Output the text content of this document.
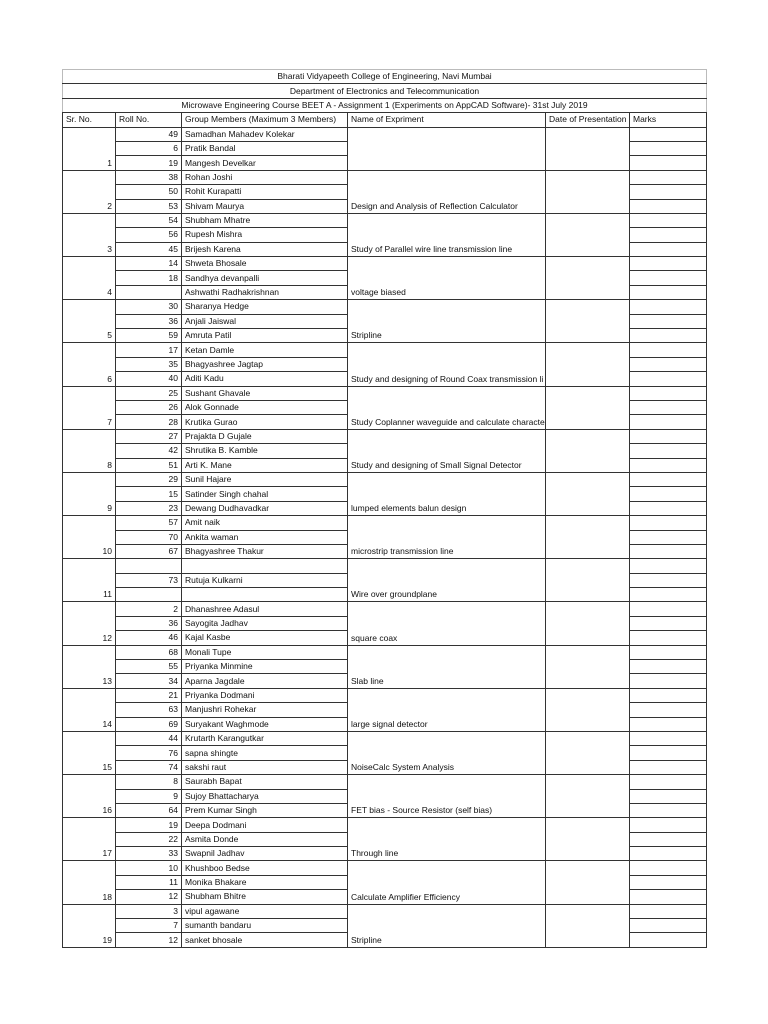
Bharati Vidyapeeth College of Engineering, Navi Mumbai					
Department of Electronics and Telecommunication					
Microwave Engineering Course BEET A - Assignment 1 (Experiments on AppCAD Software)- 31st July 2019					
Sr. No.	Roll No.	Group Members (Maximum 3 Members)	Name of Expriment	Date of Presentation	Marks
1	49	Samadhan Mahadev Kolekar			
	6	Pratik Bandal			
	19	Mangesh Develkar			
2	38	Rohan Joshi	Design and Analysis of Reflection Calculator		
	50	Rohit Kurapatti			
	53	Shivam Maurya			
3	54	Shubham Mhatre	Study of Parallel wire line transmission line		
	56	Rupesh Mishra			
	45	Brijesh Karena			
4	14	Shweta Bhosale	voltage biased		
	18	Sandhya devanpalli			
		Ashwathi Radhakrishnan			
5	30	Sharanya Hedge	Stripline		
	36	Anjali Jaiswal			
	59	Amruta Patil			
6	17	Ketan Damle	Study and designing of Round Coax transmission li		
	35	Bhagyashree Jagtap			
	40	Aditi Kadu			
7	25	Sushant Ghavale	Study Coplanner waveguide and calculate characte		
	26	Alok Gonnade			
	28	Krutika Gurao			
8	27	Prajakta D Gujale	Study and designing of Small Signal Detector		
	42	Shrutika B. Kamble			
	51	Arti K. Mane			
9	29	Sunil Hajare	lumped elements balun design		
	15	Satinder Singh chahal			
	23	Dewang Dudhavadkar			
10	57	Amit naik	microstrip transmission line		
	70	Ankita waman			
	67	Bhagyashree Thakur			
11			Wire over groundplane		
	73	Rutuja Kulkarni			

12	2	Dhanashree Adasul	square coax		
	36	Sayogita Jadhav			
	46	Kajal Kasbe			
13	68	Monali Tupe	Slab line		
	55	Priyanka Minmine			
	34	Aparna Jagdale			
14	21	Priyanka Dodmani	large signal detector		
	63	Manjushri Rohekar			
	69	Suryakant Waghmode			
15	44	Krutarth Karangutkar	NoiseCalc System Analysis		
	76	sapna shingte			
	74	sakshi raut			
16	8	Saurabh Bapat	FET bias - Source Resistor (self bias)		
	9	Sujoy Bhattacharya			
	64	Prem Kumar Singh			
17	19	Deepa Dodmani	Through line		
	22	Asmita Donde			
	33	Swapnil Jadhav			
18	10	Khushboo Bedse	Calculate Amplifier Efficiency		
	11	Monika Bhakare			
	12	Shubham Bhitre			
19	3	vipul agawane	Stripline		
	7	sumanth bandaru			
	12	sanket bhosale			
